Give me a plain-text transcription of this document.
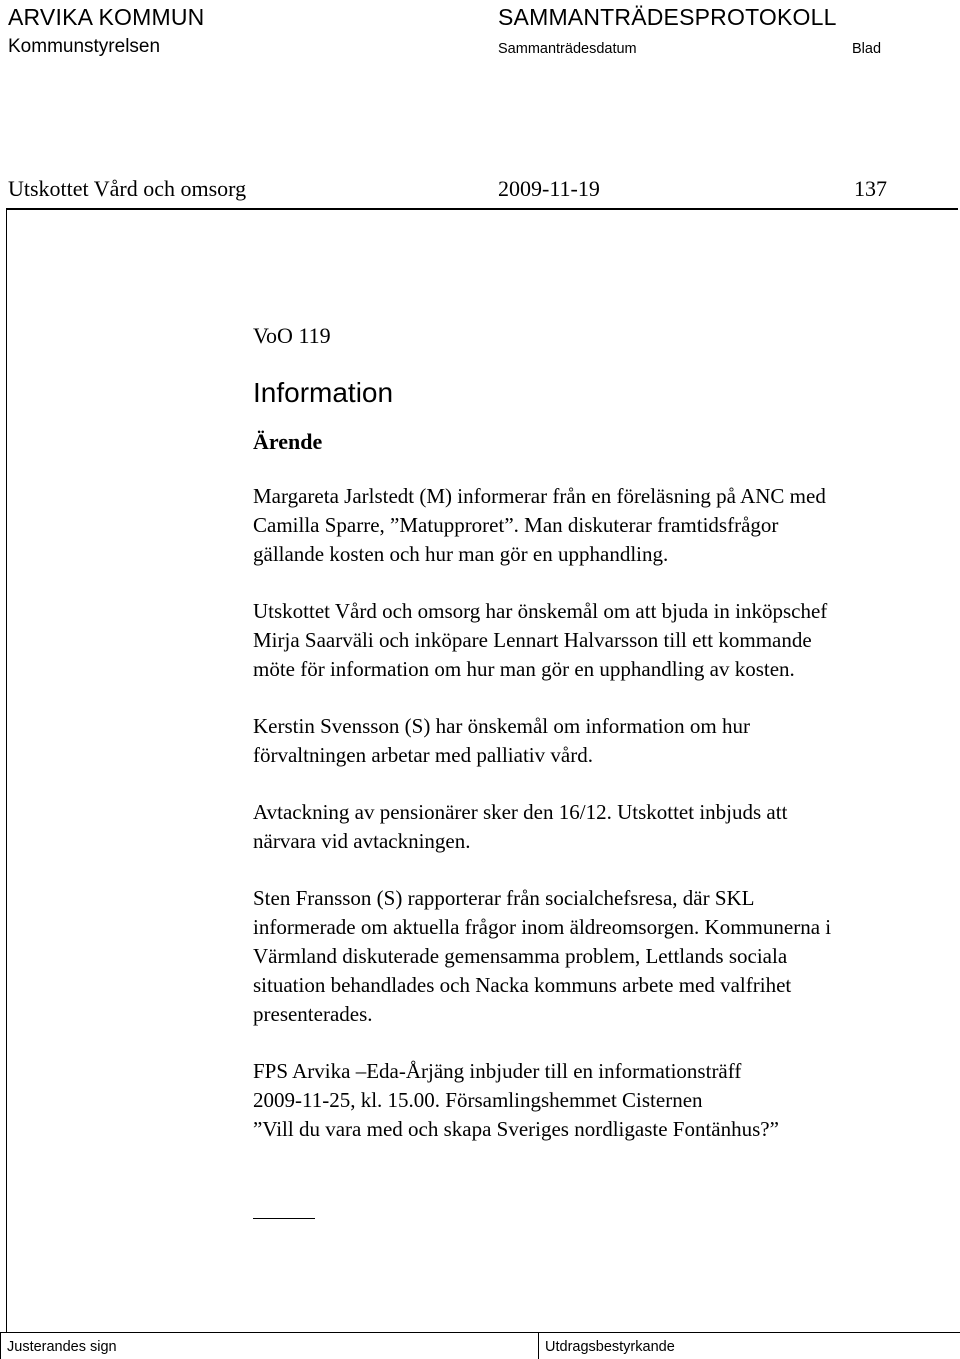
ARVIKA KOMMUN
Kommunstyrelsen
SAMMANTRÄDESPROTOKOLL
Sammanträdesdatum	Blad
Utskottet Vård och omsorg	2009-11-19	137
VoO 119
Information
Ärende

Margareta Jarlstedt (M) informerar från en föreläsning på ANC med
Camilla Sparre, ”Matupproret”. Man diskuterar framtidsfrågor
gällande kosten och hur man gör en upphandling.

Utskottet Vård och omsorg har önskemål om att bjuda in inköpschef
Mirja Saarväli och inköpare Lennart Halvarsson till ett kommande
möte för information om hur man gör en upphandling av kosten.

Kerstin Svensson (S) har önskemål om information om hur
förvaltningen arbetar med palliativ vård.

Avtackning av pensionärer sker den 16/12. Utskottet inbjuds att
närvara vid avtackningen.

Sten Fransson (S) rapporterar från socialchefsresa, där SKL
informerade om aktuella frågor inom äldreomsorgen. Kommunerna i
Värmland diskuterade gemensamma problem, Lettlands sociala
situation behandlades och Nacka kommuns arbete med valfrihet
presenterades.

FPS Arvika –Eda-Årjäng inbjuder till en informationsträff
2009-11-25, kl. 15.00. Församlingshemmet Cisternen
”Vill du vara med och skapa Sveriges nordligaste Fontänhus?”

Justerandes sign	Utdragsbestyrkande
